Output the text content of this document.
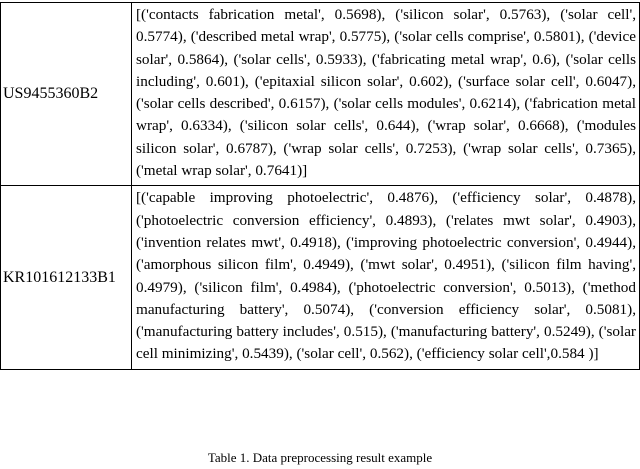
US9455360B2	[('contacts fabrication metal', 0.5698), ('silicon solar', 0.5763), ('solar cell', 0.5774), ('described metal wrap', 0.5775), ('solar cells comprise', 0.5801), ('device solar', 0.5864), ('solar cells', 0.5933), ('fabricating metal wrap', 0.6), ('solar cells including', 0.601), ('epitaxial silicon solar', 0.602), ('surface solar cell', 0.6047), ('solar cells described', 0.6157), ('solar cells modules', 0.6214), ('fabrication metal wrap', 0.6334), ('silicon solar cells', 0.644), ('wrap solar', 0.6668), ('modules silicon solar', 0.6787), ('wrap solar cells', 0.7253), ('wrap solar cells', 0.7365), ('metal wrap solar', 0.7641)]
KR101612133B1	[('capable improving photoelectric', 0.4876), ('efficiency solar', 0.4878), ('photoelectric conversion efficiency', 0.4893), ('relates mwt solar', 0.4903), ('invention relates mwt', 0.4918), ('improving photoelectric conversion', 0.4944), ('amorphous silicon film', 0.4949), ('mwt solar', 0.4951), ('silicon film having', 0.4979), ('silicon film', 0.4984), ('photoelectric conversion', 0.5013), ('method manufacturing battery', 0.5074), ('conversion efficiency solar', 0.5081), ('manufacturing battery includes', 0.515), ('manufacturing battery', 0.5249), ('solar cell minimizing', 0.5439), ('solar cell', 0.562), ('efficiency solar cell',0.584 )]
Table 1. Data preprocessing result example
